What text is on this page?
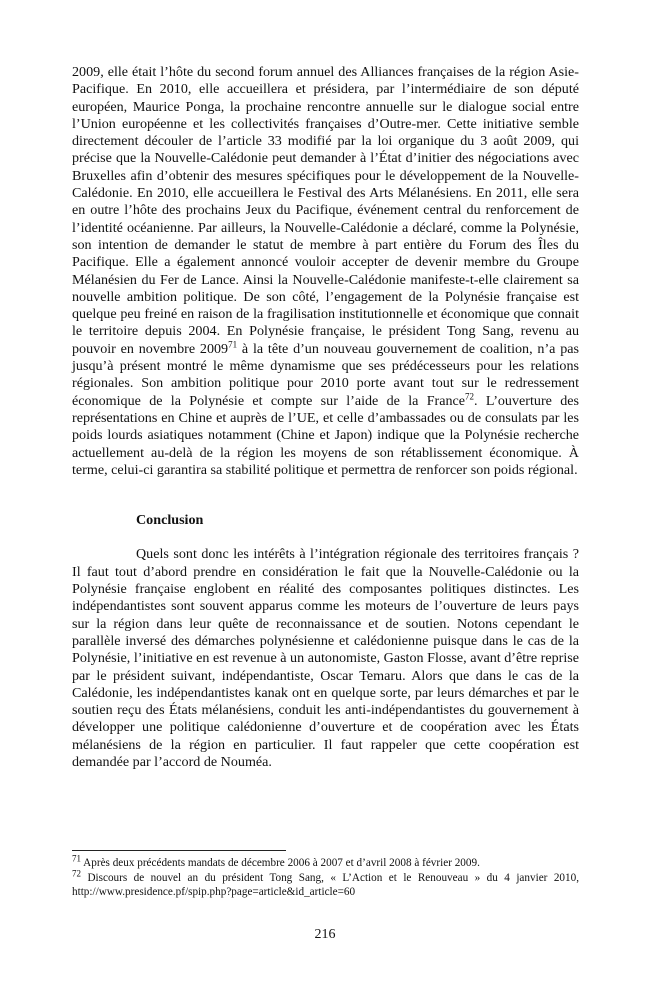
2009, elle était l’hôte du second forum annuel des Alliances françaises de la région Asie-Pacifique. En 2010, elle accueillera et présidera, par l’intermédiaire de son député européen, Maurice Ponga, la prochaine rencontre annuelle sur le dialogue social entre l’Union européenne et les collectivités françaises d’Outre-mer. Cette initiative semble directement découler de l’article 33 modifié par la loi organique du 3 août 2009, qui précise que la Nouvelle-Calédonie peut demander à l’État d’initier des négociations avec Bruxelles afin d’obtenir des mesures spécifiques pour le développement de la Nouvelle-Calédonie. En 2010, elle accueillera le Festival des Arts Mélanésiens. En 2011, elle sera en outre l’hôte des prochains Jeux du Pacifique, événement central du renforcement de l’identité océanienne. Par ailleurs, la Nouvelle-Calédonie a déclaré, comme la Polynésie, son intention de demander le statut de membre à part entière du Forum des Îles du Pacifique. Elle a également annoncé vouloir accepter de devenir membre du Groupe Mélanésien du Fer de Lance. Ainsi la Nouvelle-Calédonie manifeste-t-elle clairement sa nouvelle ambition politique. De son côté, l’engagement de la Polynésie française est quelque peu freiné en raison de la fragilisation institutionnelle et économique que connait le territoire depuis 2004. En Polynésie française, le président Tong Sang, revenu au pouvoir en novembre 2009$^{71}$ à la tête d’un nouveau gouvernement de coalition, n’a pas jusqu’à présent montré le même dynamisme que ses prédécesseurs pour les relations régionales. Son ambition politique pour 2010 porte avant tout sur le redressement économique de la Polynésie et compte sur l’aide de la France$^{72}$. L’ouverture des représentations en Chine et auprès de l’UE, et celle d’ambassades ou de consulats par les poids lourds asiatiques notamment (Chine et Japon) indique que la Polynésie recherche actuellement au-delà de la région les moyens de son rétablissement économique. À terme, celui-ci garantira sa stabilité politique et permettra de renforcer son poids régional.

Conclusion

Quels sont donc les intérêts à l’intégration régionale des territoires français ? Il faut tout d’abord prendre en considération le fait que la Nouvelle-Calédonie ou la Polynésie française englobent en réalité des composantes politiques distinctes. Les indépendantistes sont souvent apparus comme les moteurs de l’ouverture de leurs pays sur la région dans leur quête de reconnaissance et de soutien. Notons cependant le parallèle inversé des démarches polynésienne et calédonienne puisque dans le cas de la Polynésie, l’initiative en est revenue à un autonomiste, Gaston Flosse, avant d’être reprise par le président suivant, indépendantiste, Oscar Temaru. Alors que dans le cas de la Calédonie, les indépendantistes kanak ont en quelque sorte, par leurs démarches et par le soutien reçu des États mélanésiens, conduit les anti-indépendantistes du gouvernement à développer une politique calédonienne d’ouverture et de coopération avec les États mélanésiens de la région en particulier. Il faut rappeler que cette coopération est demandée par l’accord de Nouméa.

$^{71}$ Après deux précédents mandats de décembre 2006 à 2007 et d’avril 2008 à février 2009.
$^{72}$ Discours de nouvel an du président Tong Sang, « L’Action et le Renouveau » du 4 janvier 2010, http://www.presidence.pf/spip.php?page=article&id_article=60
216
